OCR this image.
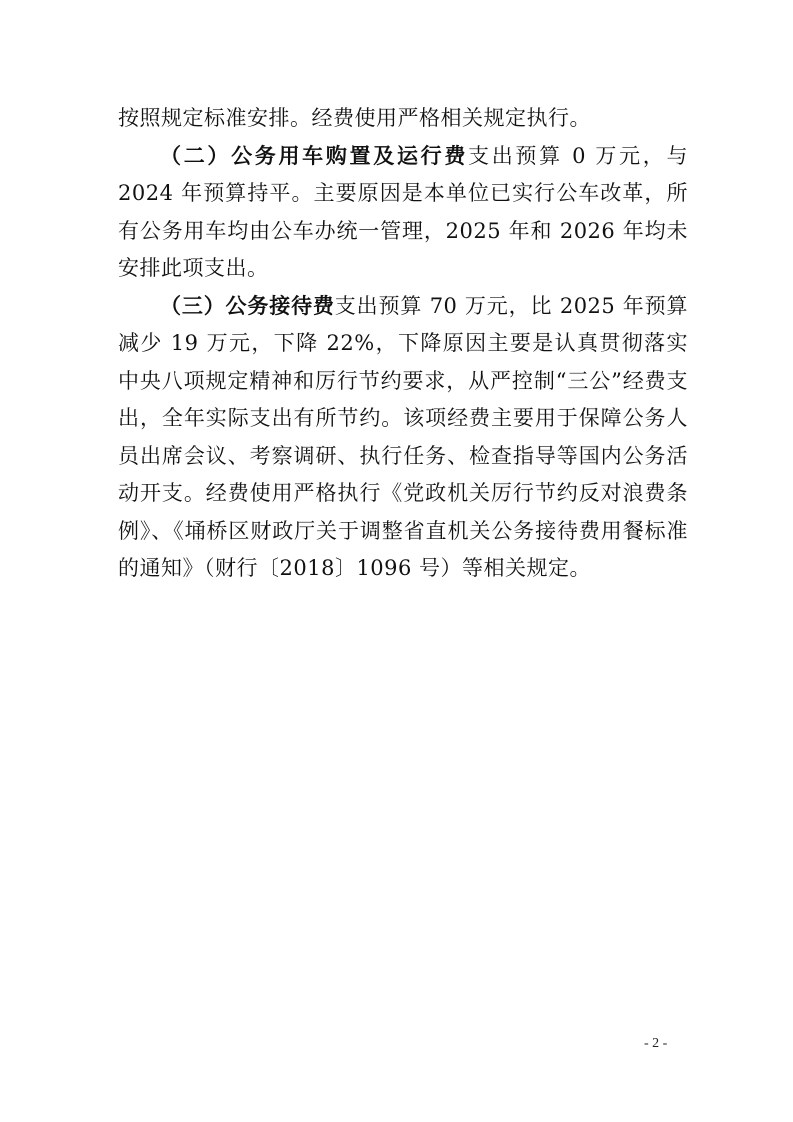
按照规定标准安排。经费使用严格相关规定执行。

（二）公务用车购置及运行费支出预算 0 万元，与 2024 年预算持平。主要原因是本单位已实行公车改革，所有公务用车均由公车办统一管理，2025 年和 2026 年均未安排此项支出。

（三）公务接待费支出预算 70 万元，比 2025 年预算减少 19 万元，下降 22%，下降原因主要是认真贯彻落实中央八项规定精神和厉行节约要求，从严控制“三公”经费支出，全年实际支出有所节约。该项经费主要用于保障公务人员出席会议、考察调研、执行任务、检查指导等国内公务活动开支。经费使用严格执行《党政机关厉行节约反对浪费条例》、《埇桥区财政厅关于调整省直机关公务接待费用餐标准的通知》（财行〔2018〕1096 号）等相关规定。

- 2 -
